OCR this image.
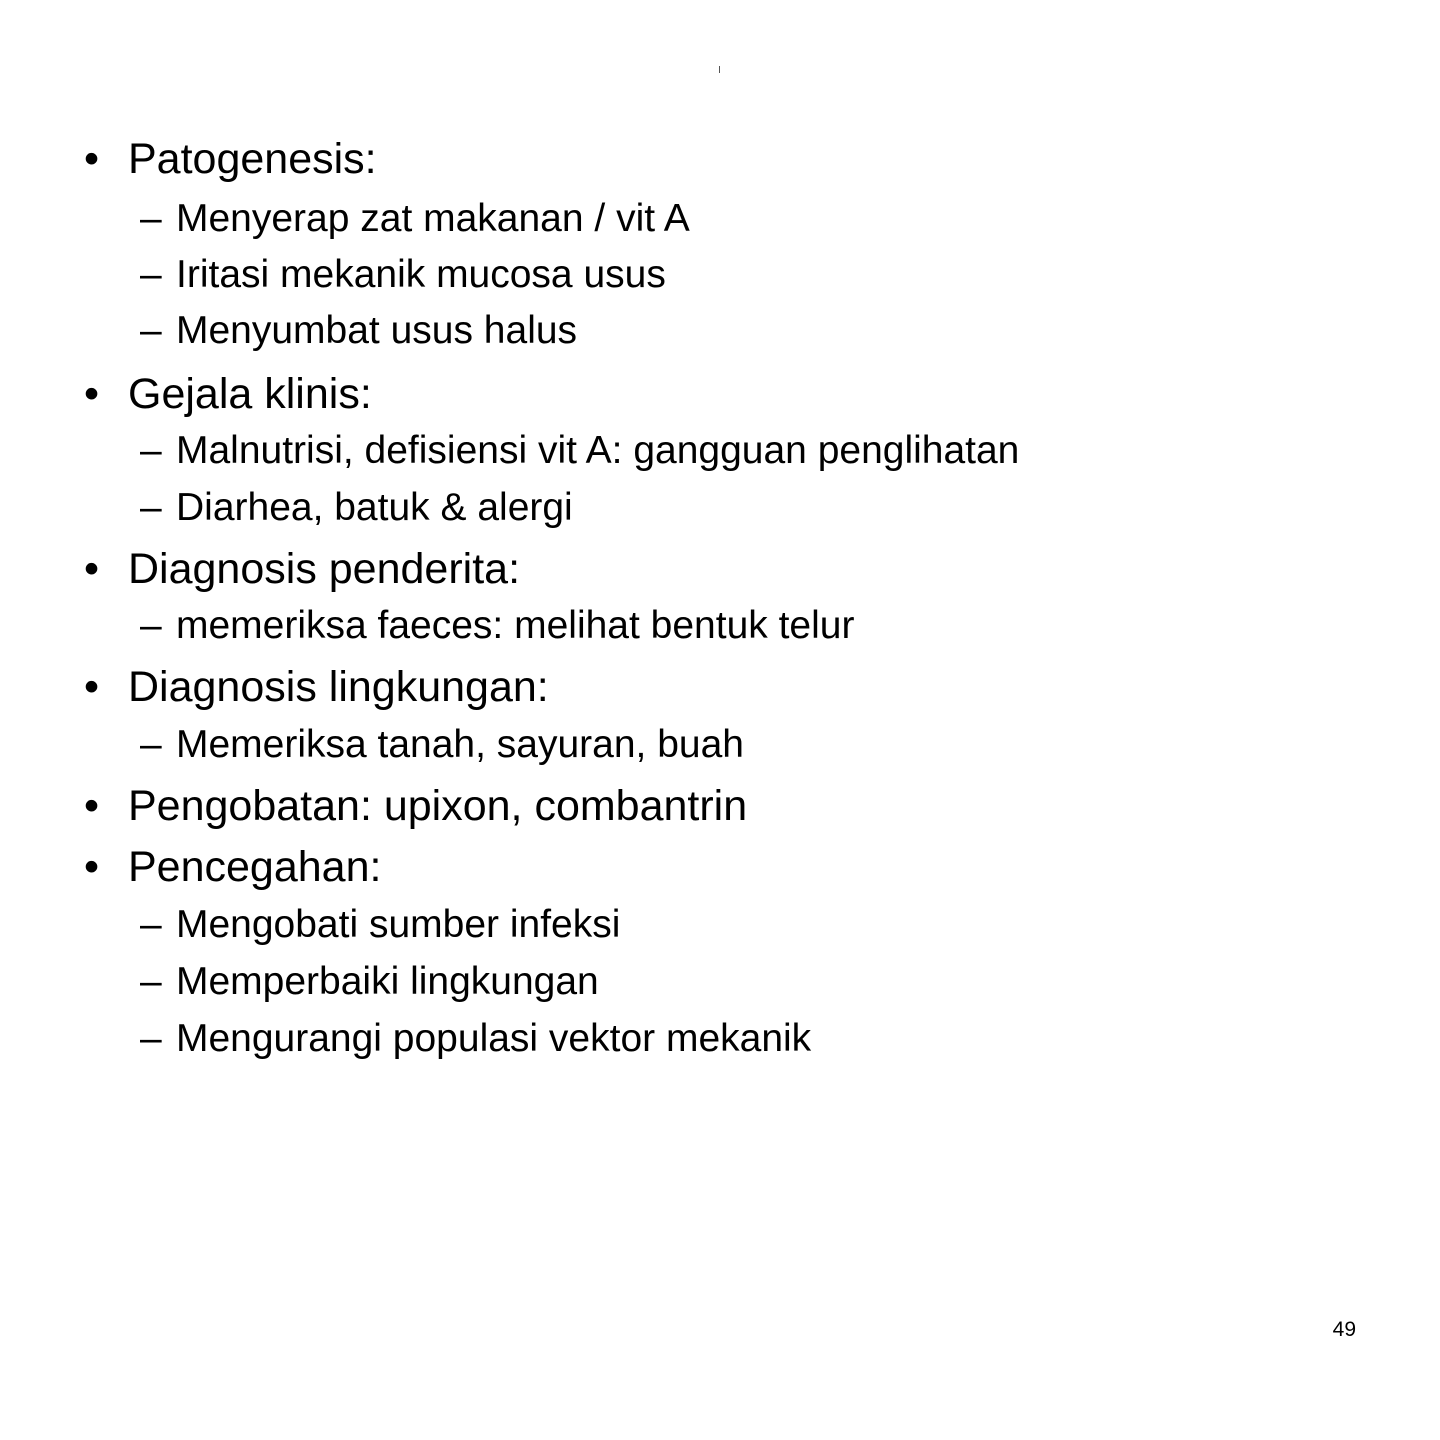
• Patogenesis:
– Menyerap zat makanan / vit A
– Iritasi mekanik mucosa usus
– Menyumbat usus halus
• Gejala klinis:
– Malnutrisi, defisiensi vit A: gangguan penglihatan
– Diarhea, batuk & alergi
• Diagnosis penderita:
– memeriksa faeces: melihat bentuk telur
• Diagnosis lingkungan:
– Memeriksa tanah, sayuran, buah
• Pengobatan: upixon, combantrin
• Pencegahan:
– Mengobati sumber infeksi
– Memperbaiki lingkungan
– Mengurangi populasi vektor mekanik
49
